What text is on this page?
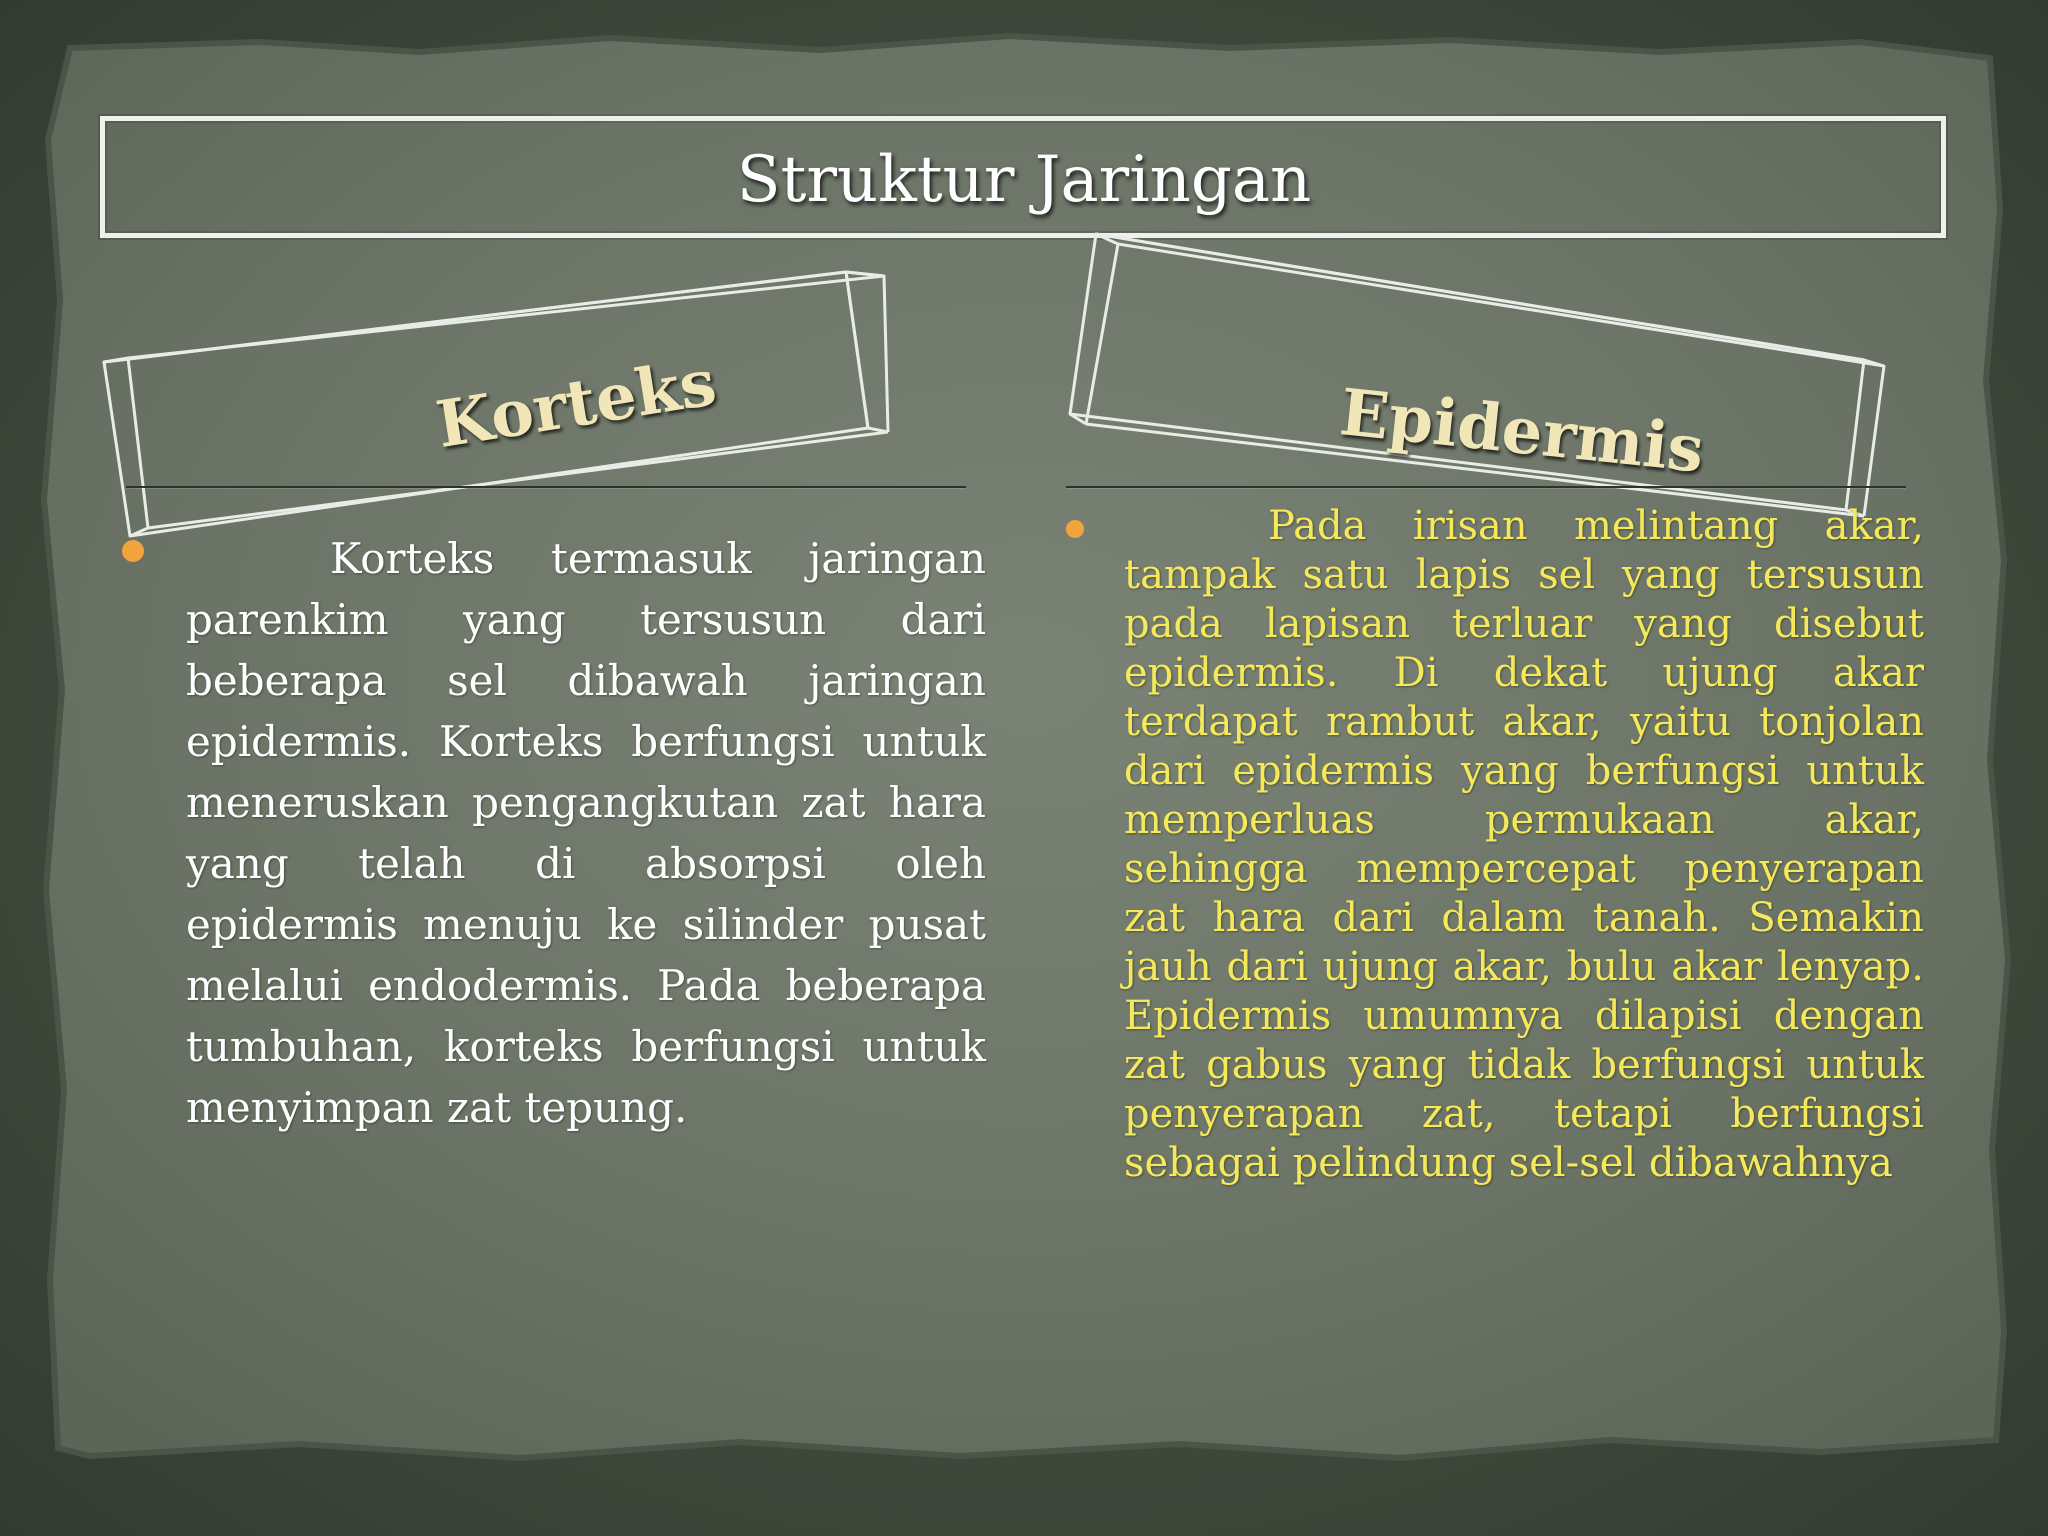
Struktur Jaringan
Korteks	Epidermis
Korteks termasuk jaringan parenkim yang tersusun dari beberapa sel dibawah jaringan epidermis. Korteks berfungsi untuk meneruskan pengangkutan zat hara yang telah di absorpsi oleh epidermis menuju ke silinder pusat melalui endodermis. Pada beberapa tumbuhan, korteks berfungsi untuk menyimpan zat tepung.
Pada irisan melintang akar, tampak satu lapis sel yang tersusun pada lapisan terluar yang disebut epidermis. Di dekat ujung akar terdapat rambut akar, yaitu tonjolan dari epidermis yang berfungsi untuk memperluas permukaan akar, sehingga mempercepat penyerapan zat hara dari dalam tanah. Semakin jauh dari ujung akar, bulu akar lenyap. Epidermis umumnya dilapisi dengan zat gabus yang tidak berfungsi untuk penyerapan zat, tetapi berfungsi sebagai pelindung sel-sel dibawahnya
